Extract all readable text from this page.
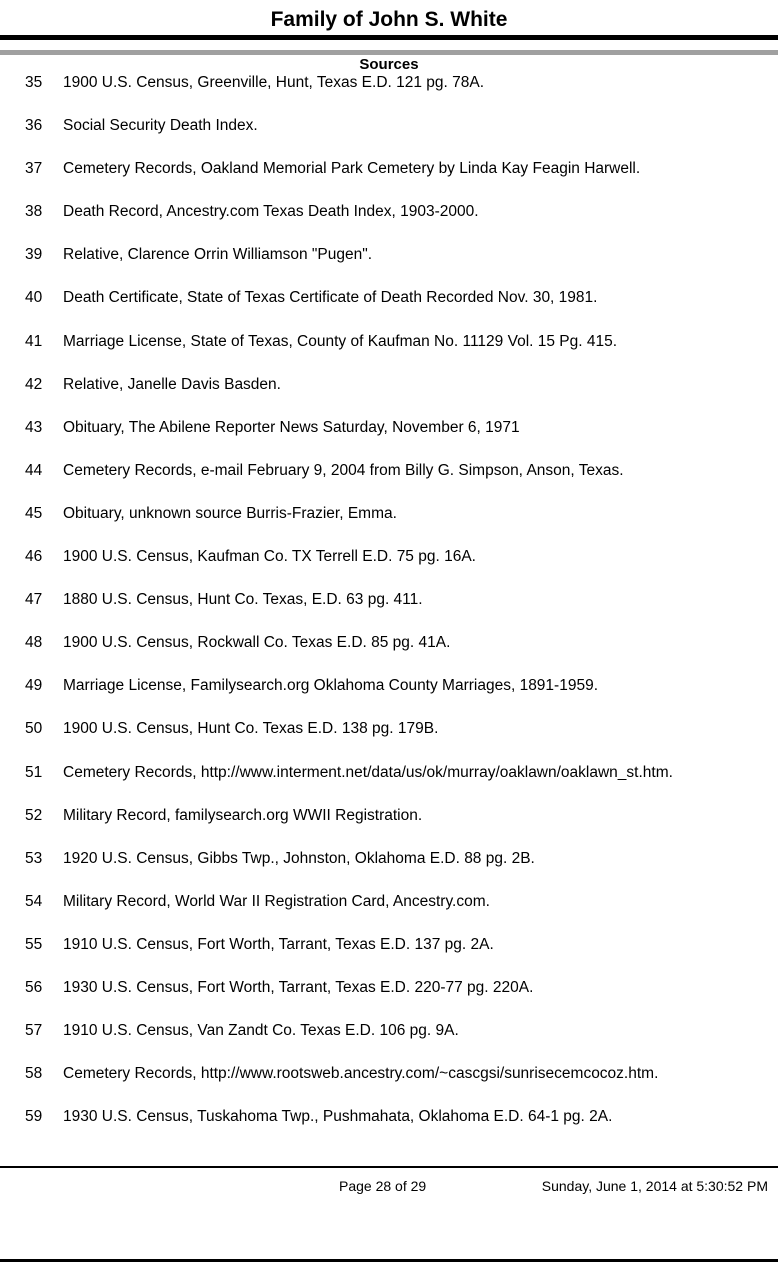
Family of John S. White
Sources
35	1900 U.S. Census, Greenville, Hunt, Texas E.D. 121 pg. 78A.
36	Social Security Death Index.
37	Cemetery Records, Oakland Memorial Park Cemetery by Linda Kay Feagin Harwell.
38	Death Record, Ancestry.com Texas Death Index, 1903-2000.
39	Relative, Clarence Orrin Williamson "Pugen".
40	Death Certificate, State of Texas Certificate of Death Recorded Nov. 30, 1981.
41	Marriage License, State of Texas, County of Kaufman No. 11129 Vol. 15 Pg. 415.
42	Relative, Janelle Davis Basden.
43	Obituary, The Abilene Reporter News Saturday, November 6, 1971
44	Cemetery Records, e-mail February 9, 2004 from Billy G. Simpson, Anson, Texas.
45	Obituary, unknown source Burris-Frazier, Emma.
46	1900 U.S. Census, Kaufman Co. TX Terrell E.D. 75 pg. 16A.
47	1880 U.S. Census, Hunt Co. Texas, E.D. 63 pg. 411.
48	1900 U.S. Census, Rockwall Co. Texas E.D. 85 pg. 41A.
49	Marriage License, Familysearch.org Oklahoma County Marriages, 1891-1959.
50	1900 U.S. Census, Hunt Co. Texas E.D. 138 pg. 179B.
51	Cemetery Records, http://www.interment.net/data/us/ok/murray/oaklawn/oaklawn_st.htm.
52	Military Record, familysearch.org WWII Registration.
53	1920 U.S. Census, Gibbs Twp., Johnston, Oklahoma E.D. 88 pg. 2B.
54	Military Record, World War II Registration Card, Ancestry.com.
55	1910 U.S. Census, Fort Worth, Tarrant, Texas E.D. 137 pg. 2A.
56	1930 U.S. Census, Fort Worth, Tarrant, Texas E.D. 220-77 pg. 220A.
57	1910 U.S. Census, Van Zandt Co. Texas E.D. 106 pg. 9A.
58	Cemetery Records, http://www.rootsweb.ancestry.com/~cascgsi/sunrisecemcocoz.htm.
59	1930 U.S. Census, Tuskahoma Twp., Pushmahata, Oklahoma E.D. 64-1 pg. 2A.
Page 28 of 29	Sunday, June 1, 2014 at 5:30:52 PM
